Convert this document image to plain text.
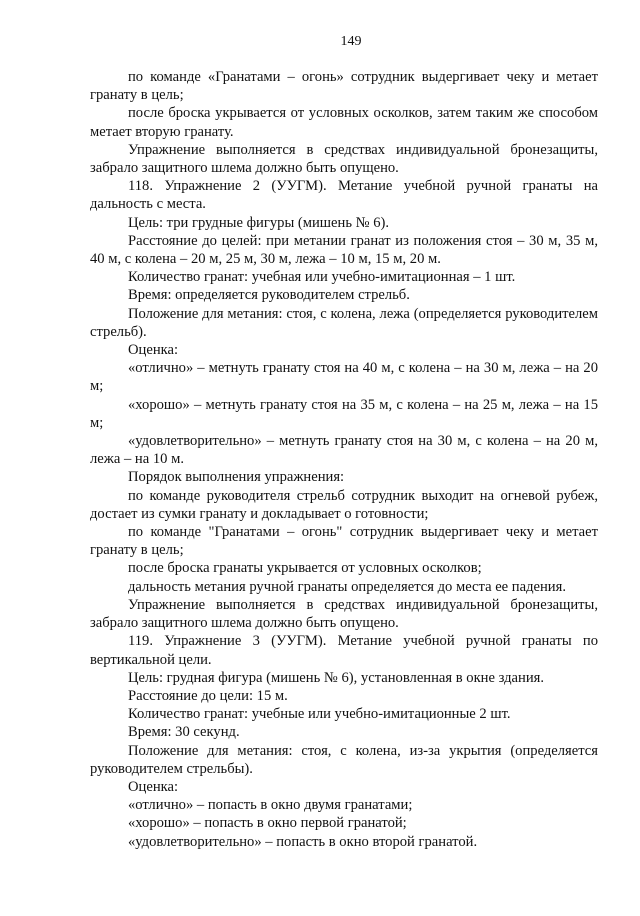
149

по команде «Гранатами – огонь» сотрудник выдергивает чеку и метает гранату в цель;

после броска укрывается от условных осколков, затем таким же способом метает вторую гранату.

Упражнение выполняется в средствах индивидуальной бронезащиты, забрало защитного шлема должно быть опущено.

118. Упражнение 2 (УУГМ). Метание учебной ручной гранаты на дальность с места.

Цель: три грудные фигуры (мишень № 6).

Расстояние до целей: при метании гранат из положения стоя – 30 м, 35 м, 40 м, с колена – 20 м, 25 м, 30 м, лежа – 10 м, 15 м, 20 м.

Количество гранат: учебная или учебно-имитационная – 1 шт.

Время: определяется руководителем стрельб.

Положение для метания: стоя, с колена, лежа (определяется руководителем стрельб).

Оценка:

«отлично» – метнуть гранату стоя на 40 м, с колена – на 30 м, лежа – на 20 м;

«хорошо» – метнуть гранату стоя на 35 м, с колена – на 25 м, лежа – на 15 м;

«удовлетворительно» – метнуть гранату стоя на 30 м, с колена – на 20 м, лежа – на 10 м.

Порядок выполнения упражнения:

по команде руководителя стрельб сотрудник выходит на огневой рубеж, достает из сумки гранату и докладывает о готовности;

по команде "Гранатами – огонь" сотрудник выдергивает чеку и метает гранату в цель;

после броска гранаты укрывается от условных осколков;

дальность метания ручной гранаты определяется до места ее падения.

Упражнение выполняется в средствах индивидуальной бронезащиты, забрало защитного шлема должно быть опущено.

119. Упражнение 3 (УУГМ). Метание учебной ручной гранаты по вертикальной цели.

Цель: грудная фигура (мишень № 6), установленная в окне здания.

Расстояние до цели: 15 м.

Количество гранат: учебные или учебно-имитационные 2 шт.

Время: 30 секунд.

Положение для метания: стоя, с колена, из-за укрытия (определяется руководителем стрельбы).

Оценка:

«отлично» – попасть в окно двумя гранатами;

«хорошо» – попасть в окно первой гранатой;

«удовлетворительно» – попасть в окно второй гранатой.
